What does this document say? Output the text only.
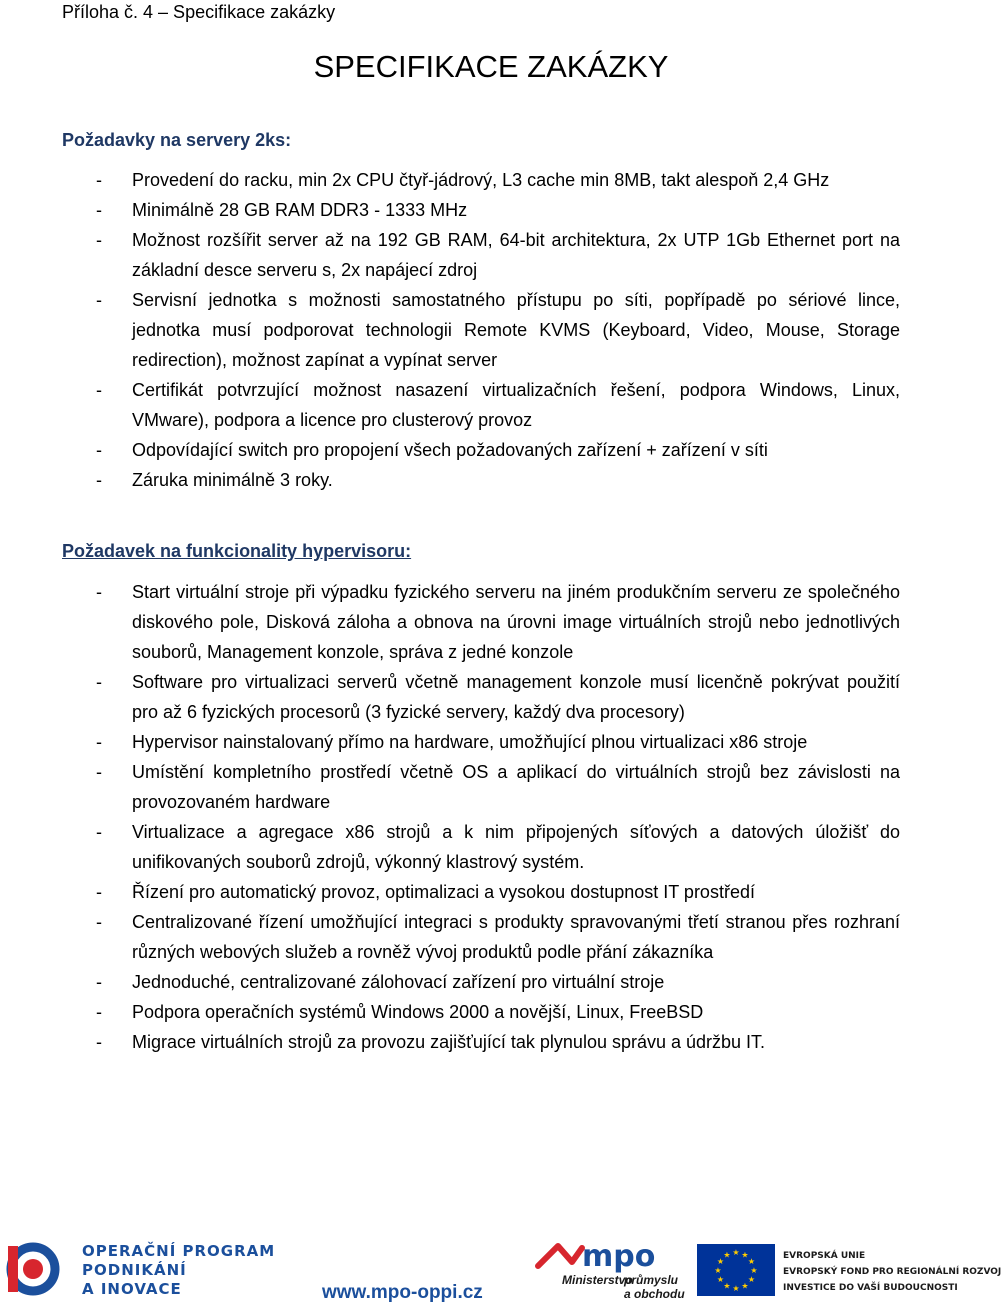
Příloha č. 4 – Specifikace zakázky
SPECIFIKACE ZAKÁZKY
Požadavky na servery 2ks:
- Provedení do racku, min 2x CPU čtyř-jádrový, L3 cache min 8MB, takt alespoň 2,4 GHz
- Minimálně 28 GB RAM DDR3 - 1333 MHz
- Možnost rozšířit server až na 192 GB RAM, 64-bit architektura, 2x UTP 1Gb Ethernet port na základní desce serveru s, 2x napájecí zdroj
- Servisní jednotka s možnosti samostatného přístupu po síti, popřípadě po sériové lince, jednotka musí podporovat technologii Remote KVMS (Keyboard, Video, Mouse, Storage redirection), možnost zapínat a vypínat server
- Certifikát potvrzující možnost nasazení virtualizačních řešení, podpora Windows, Linux, VMware), podpora a licence pro clusterový provoz
- Odpovídající switch pro propojení všech požadovaných zařízení + zařízení v síti
- Záruka minimálně 3 roky.
Požadavek na funkcionality hypervisoru:
- Start virtuální stroje při výpadku fyzického serveru na jiném produkčním serveru ze společného diskového pole, Disková záloha a obnova na úrovni image virtuálních strojů nebo jednotlivých souborů, Management konzole, správa z jedné konzole
- Software pro virtualizaci serverů včetně management konzole musí licenčně pokrývat použití pro až 6 fyzických procesorů (3 fyzické servery, každý dva procesory)
- Hypervisor nainstalovaný přímo na hardware, umožňující plnou virtualizaci x86 stroje
- Umístění kompletního prostředí včetně OS a aplikací do virtuálních strojů bez závislosti na provozovaném hardware
- Virtualizace a agregace x86 strojů a k nim připojených síťových a datových úložišť do unifikovaných souborů zdrojů, výkonný klastrový systém.
- Řízení pro automatický provoz, optimalizaci a vysokou dostupnost IT prostředí
- Centralizované řízení umožňující integraci s produkty spravovanými třetí stranou přes rozhraní různých webových služeb a rovněž vývoj produktů podle přání zákazníka
- Jednoduché, centralizované zálohovací zařízení pro virtuální stroje
- Podpora operačních systémů Windows 2000 a novější, Linux, FreeBSD
- Migrace virtuálních strojů za provozu zajišťující tak plynulou správu a údržbu IT.
OPERAČNÍ PROGRAM
PODNIKÁNÍ
A INOVACE	www.mpo-oppi.cz
mpo
Ministerstvo
průmyslu
a obchodu
★ ★
★
★
★
★
★
★
★
★
★
★	EVROPSKÁ UNIE
EVROPSKÝ FOND PRO REGIONÁLNÍ ROZVOJ
INVESTICE DO VAŠÍ BUDOUCNOSTI
